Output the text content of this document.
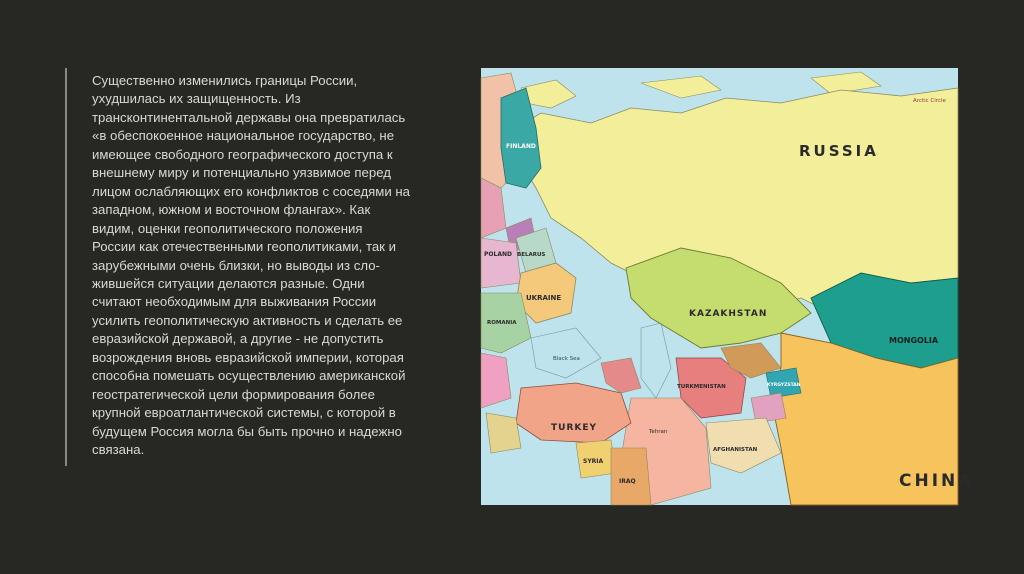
Существенно изменились границы России,
ухудшилась их защищенность. Из
трансконтинентальной державы она превратилась
«в обеспокоенное национальное государство, не
имеющее свободного географического доступа к
внешнему миру и потенциально уязвимое перед
лицом ослабляющих его конфликтов с соседями на
западном, южном и восточном флангах». Как
видим, оценки геополитического положения
России как отечественными геополитиками, так и
зарубежными очень близки, но выводы из сло-
жившейся ситуации делаются разные. Одни
считают необходимым для выживания России
усилить геополитическую активность и сделать ее
евразийской державой, а другие - не допустить
возрождения вновь евразийской империи, которая
способна помешать осуществлению американской
геостратегической цели формирования более
крупной евроатлантической системы, с которой в
будущем Россия могла бы быть прочно и надежно
связана.

RUSSIA
KAZAKHSTAN
MONGOLIA
CHINA
UKRAINE
TURKEY
FINLAND
POLAND BELARUS
ROMANIA
TURKMENISTAN
AFGHANISTAN
SYRIA
IRAQ
Black Sea
Arctic Circle
KYRGYZSTAN
Tehran
